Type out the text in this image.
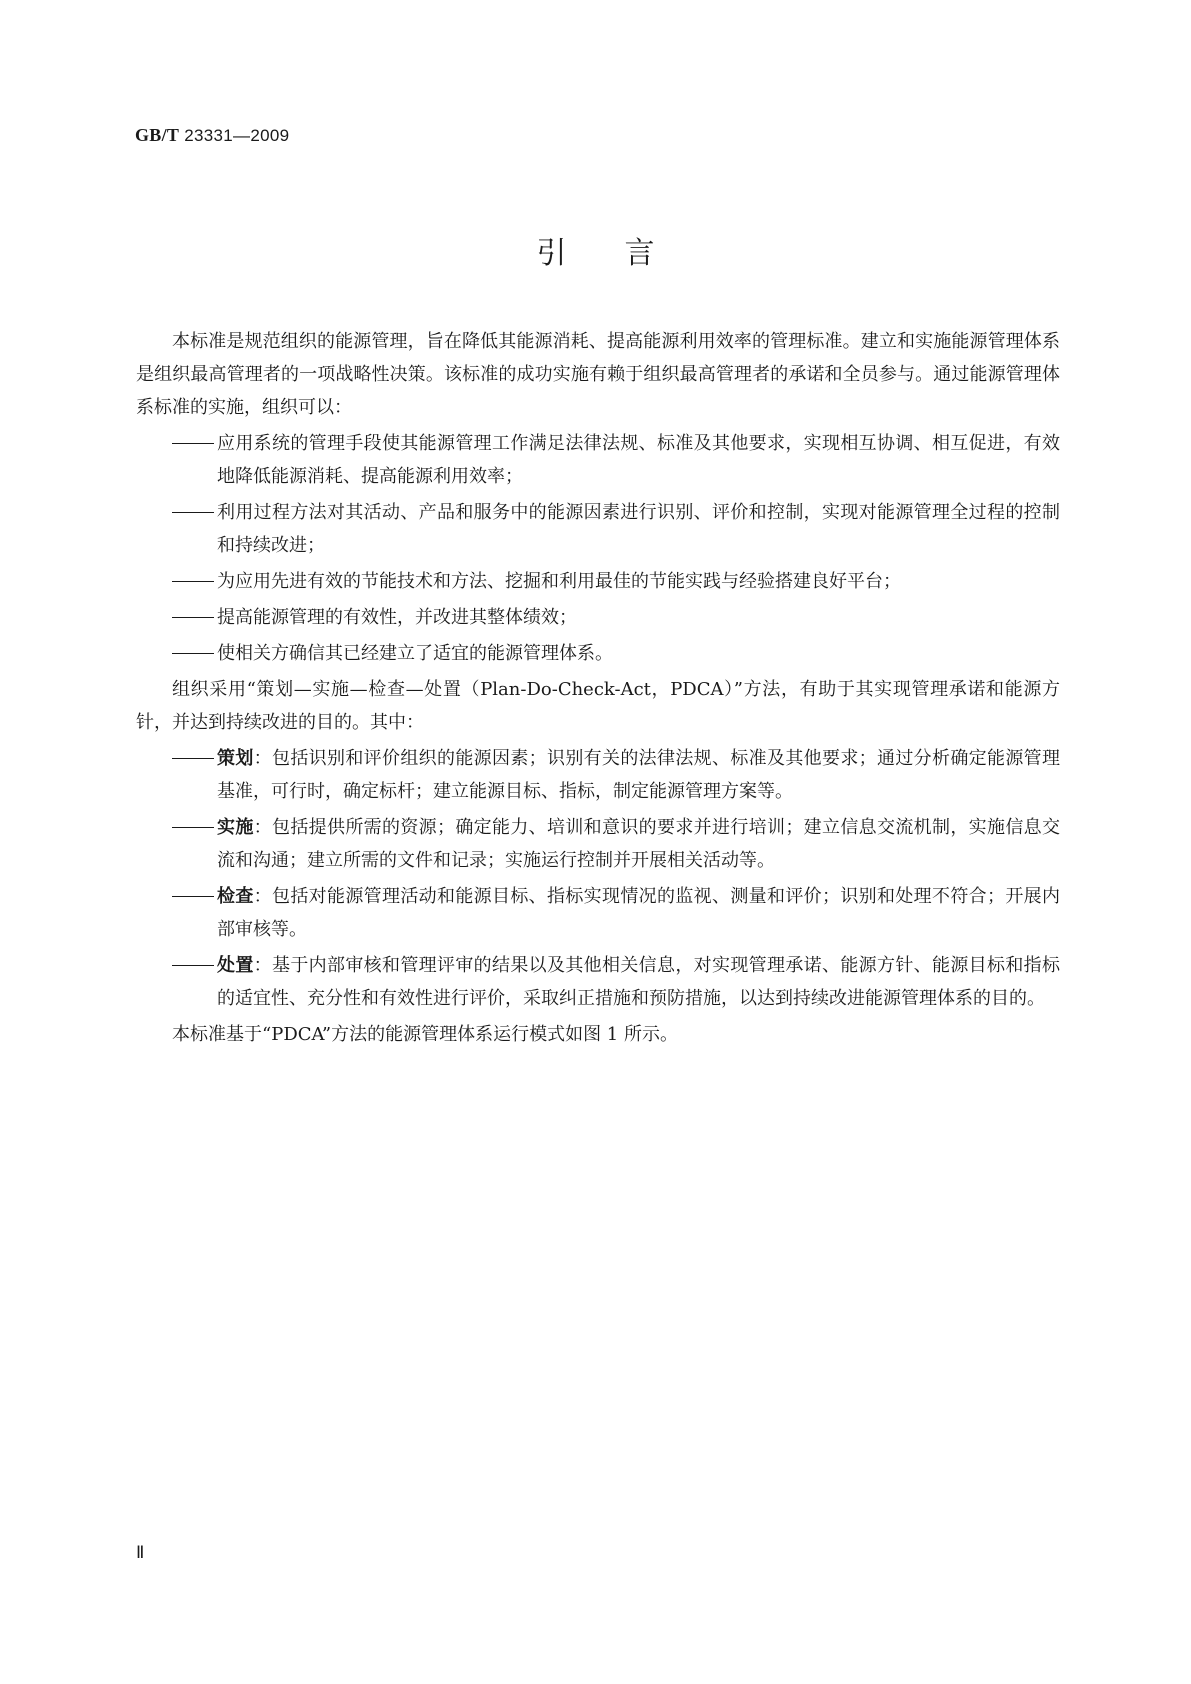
GB/T 23331—2009
引言

本标准是规范组织的能源管理，旨在降低其能源消耗、提高能源利用效率的管理标准。建立和实施能源管理体系是组织最高管理者的一项战略性决策。该标准的成功实施有赖于组织最高管理者的承诺和全员参与。通过能源管理体系标准的实施，组织可以：

应用系统的管理手段使其能源管理工作满足法律法规、标准及其他要求，实现相互协调、相互促进，有效地降低能源消耗、提高能源利用效率；
利用过程方法对其活动、产品和服务中的能源因素进行识别、评价和控制，实现对能源管理全过程的控制和持续改进；
为应用先进有效的节能技术和方法、挖掘和利用最佳的节能实践与经验搭建良好平台；
提高能源管理的有效性，并改进其整体绩效；
使相关方确信其已经建立了适宜的能源管理体系。

组织采用“策划—实施—检查—处置（Plan-Do-Check-Act，PDCA）”方法，有助于其实现管理承诺和能源方针，并达到持续改进的目的。其中：

策划：包括识别和评价组织的能源因素；识别有关的法律法规、标准及其他要求；通过分析确定能源管理基准，可行时，确定标杆；建立能源目标、指标，制定能源管理方案等。
实施：包括提供所需的资源；确定能力、培训和意识的要求并进行培训；建立信息交流机制，实施信息交流和沟通；建立所需的文件和记录；实施运行控制并开展相关活动等。
检查：包括对能源管理活动和能源目标、指标实现情况的监视、测量和评价；识别和处理不符合；开展内部审核等。
处置：基于内部审核和管理评审的结果以及其他相关信息，对实现管理承诺、能源方针、能源目标和指标的适宜性、充分性和有效性进行评价，采取纠正措施和预防措施，以达到持续改进能源管理体系的目的。

本标准基于“PDCA”方法的能源管理体系运行模式如图 1 所示。

Ⅱ
